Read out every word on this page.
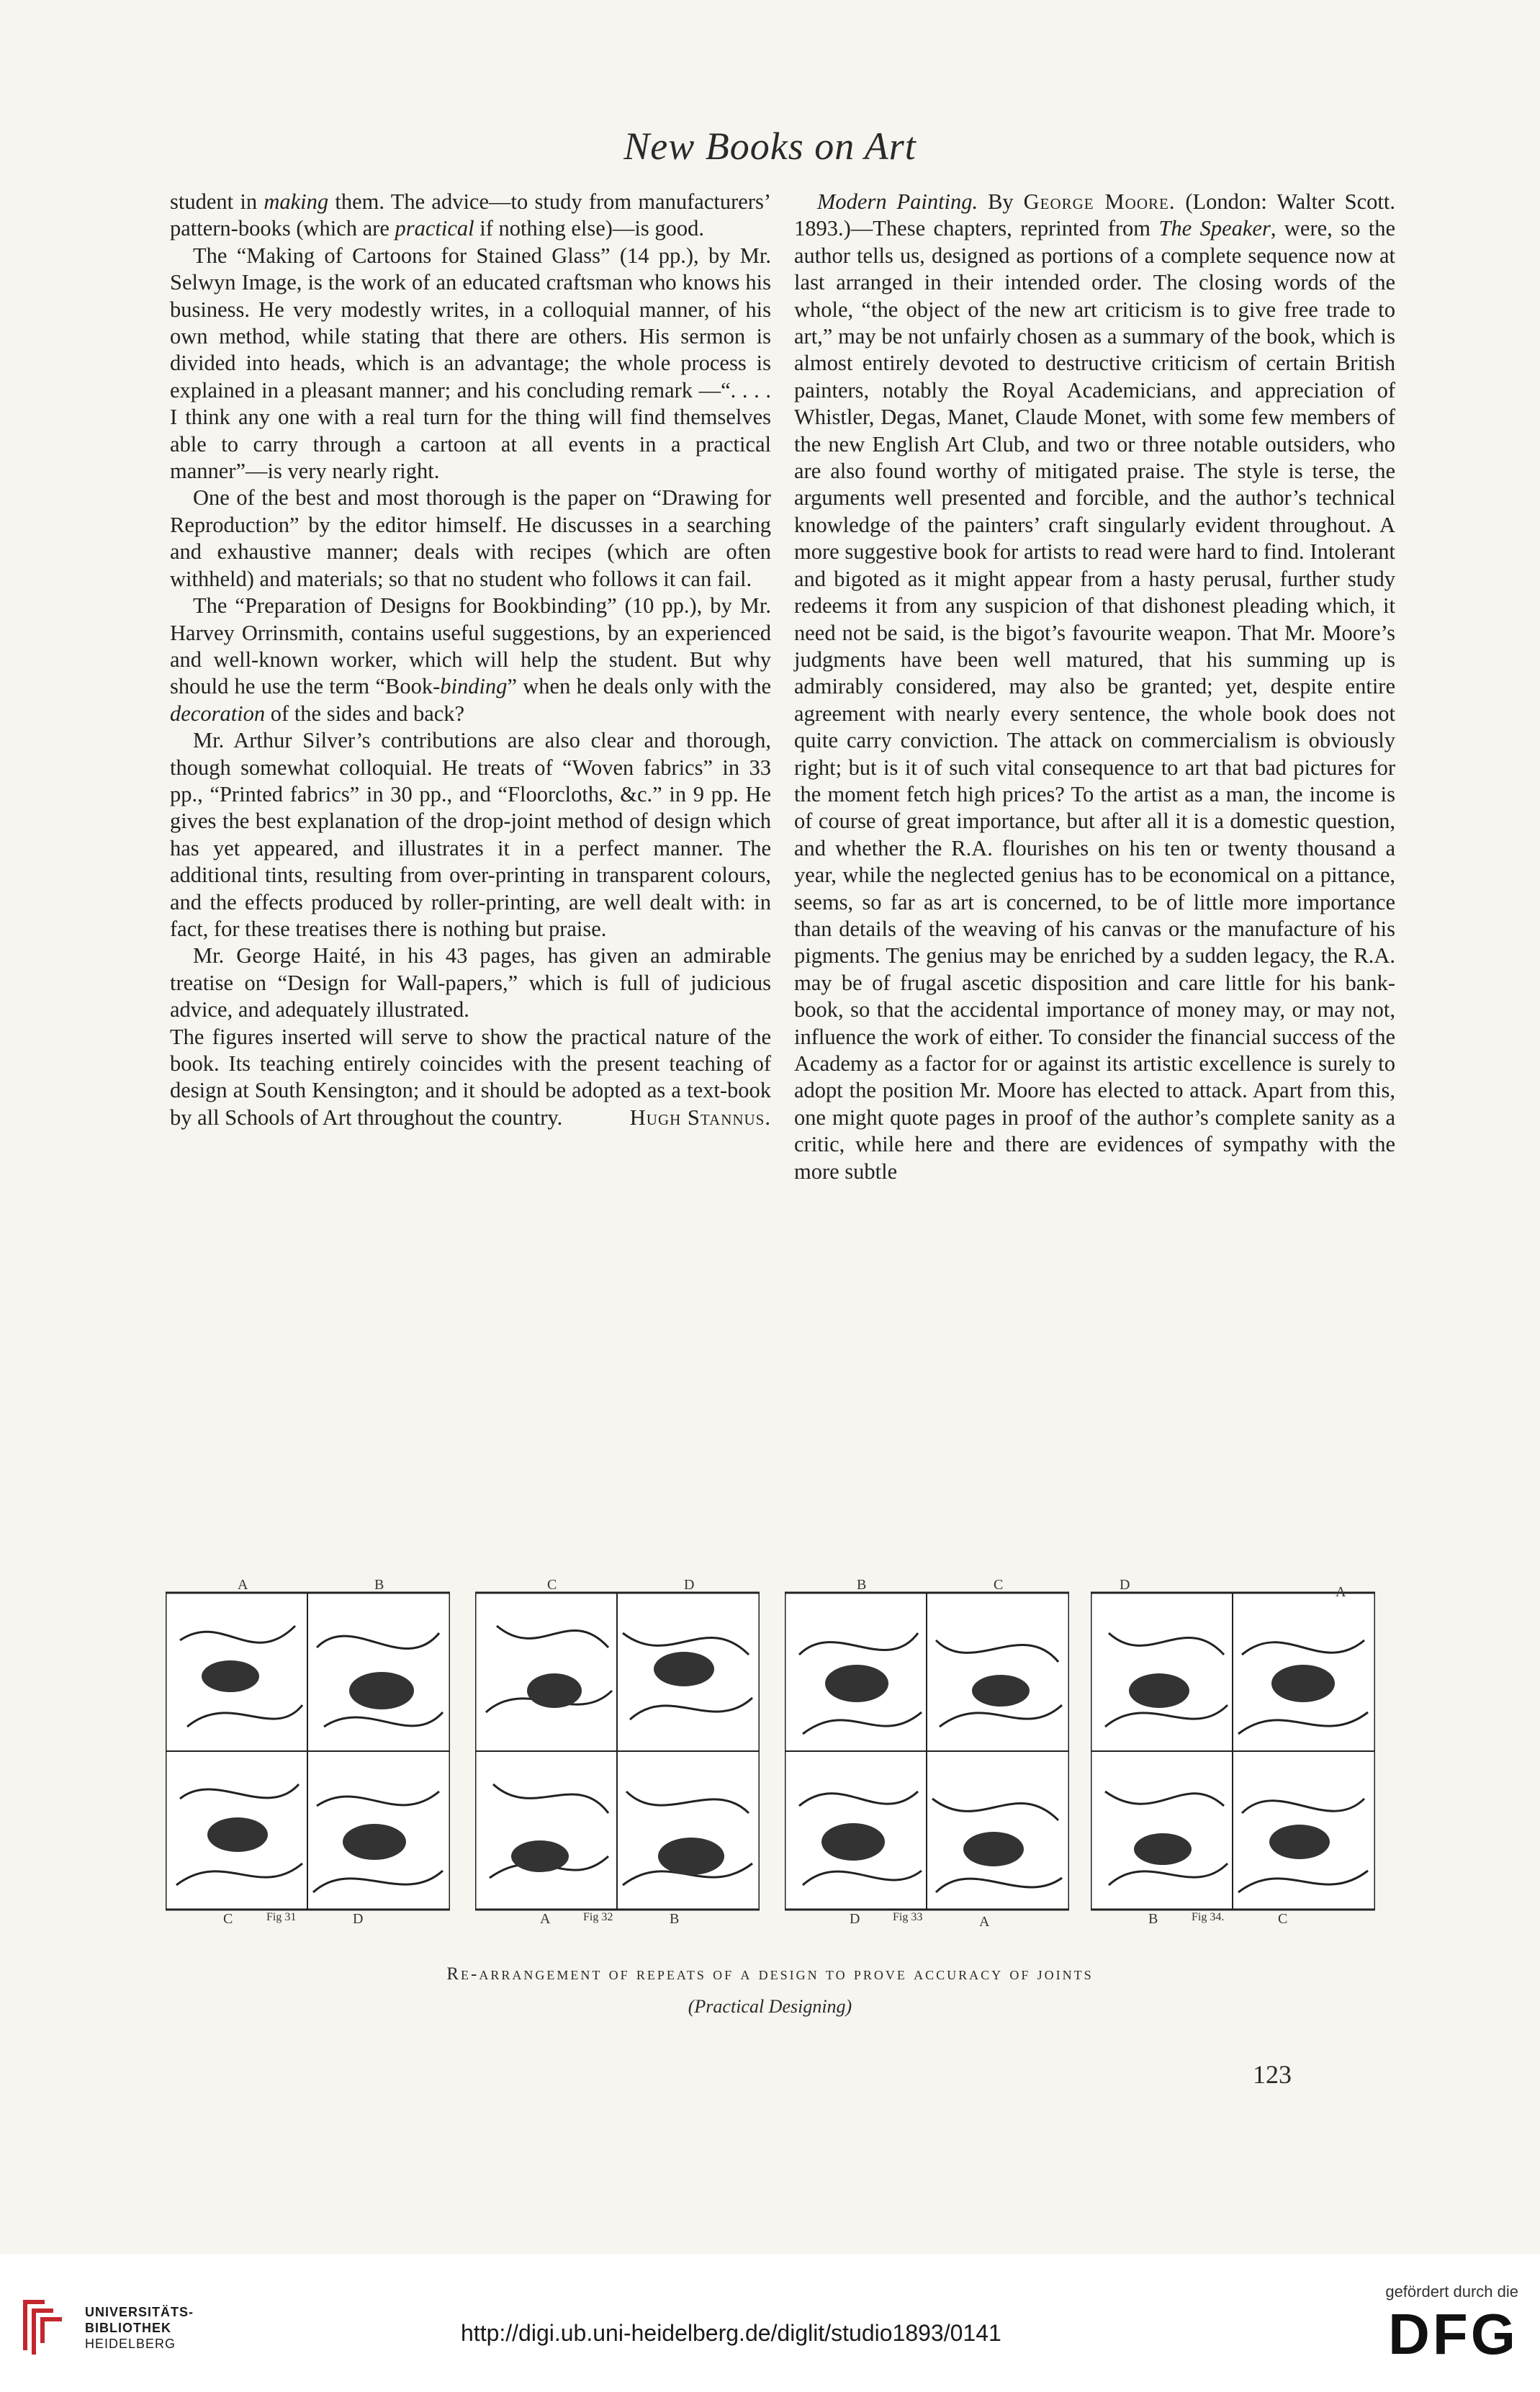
New Books on Art

student in making them. The advice—to study from manufacturers’ pattern-books (which are practical if nothing else)—is good.

The “Making of Cartoons for Stained Glass” (14 pp.), by Mr. Selwyn Image, is the work of an educated craftsman who knows his business. He very modestly writes, in a colloquial manner, of his own method, while stating that there are others. His sermon is divided into heads, which is an advantage; the whole process is explained in a pleasant manner; and his concluding remark —“. . . . I think any one with a real turn for the thing will find themselves able to carry through a cartoon at all events in a practical manner”—is very nearly right.

One of the best and most thorough is the paper on “Drawing for Reproduction” by the editor himself. He discusses in a searching and exhaustive manner; deals with recipes (which are often withheld) and materials; so that no student who follows it can fail.

The “Preparation of Designs for Bookbinding” (10 pp.), by Mr. Harvey Orrinsmith, contains useful suggestions, by an experienced and well-known worker, which will help the student. But why should he use the term “Book-binding” when he deals only with the decoration of the sides and back?

Mr. Arthur Silver’s contributions are also clear and thorough, though somewhat colloquial. He treats of “Woven fabrics” in 33 pp., “Printed fabrics” in 30 pp., and “Floorcloths, &c.” in 9 pp. He gives the best explanation of the drop-joint method of design which has yet appeared, and illustrates it in a perfect manner. The additional tints, resulting from over-printing in transparent colours, and the effects produced by roller-printing, are well dealt with: in fact, for these treatises there is nothing but praise.

Mr. George Haité, in his 43 pages, has given an admirable treatise on “Design for Wall-papers,” which is full of judicious advice, and adequately illustrated.

The figures inserted will serve to show the practical nature of the book. Its teaching entirely coincides with the present teaching of design at South Kensington; and it should be adopted as a text-book by all Schools of Art throughout the country.	Hugh Stannus.

Modern Painting. By George Moore. (London: Walter Scott. 1893.)—These chapters, reprinted from The Speaker, were, so the author tells us, designed as portions of a complete sequence now at last arranged in their intended order. The closing words of the whole, “the object of the new art criticism is to give free trade to art,” may be not unfairly chosen as a summary of the book, which is almost entirely devoted to destructive criticism of certain British painters, notably the Royal Academicians, and appreciation of Whistler, Degas, Manet, Claude Monet, with some few members of the new English Art Club, and two or three notable outsiders, who are also found worthy of mitigated praise. The style is terse, the arguments well presented and forcible, and the author’s technical knowledge of the painters’ craft singularly evident throughout. A more suggestive book for artists to read were hard to find. Intolerant and bigoted as it might appear from a hasty perusal, further study redeems it from any suspicion of that dishonest pleading which, it need not be said, is the bigot’s favourite weapon. That Mr. Moore’s judgments have been well matured, that his summing up is admirably considered, may also be granted; yet, despite entire agreement with nearly every sentence, the whole book does not quite carry conviction. The attack on commercialism is obviously right; but is it of such vital consequence to art that bad pictures for the moment fetch high prices? To the artist as a man, the income is of course of great importance, but after all it is a domestic question, and whether the R.A. flourishes on his ten or twenty thousand a year, while the neglected genius has to be economical on a pittance, seems, so far as art is concerned, to be of little more importance than details of the weaving of his canvas or the manufacture of his pigments. The genius may be enriched by a sudden legacy, the R.A. may be of frugal ascetic disposition and care little for his bank-book, so that the accidental importance of money may, or may not, influence the work of either. To consider the financial success of the Academy as a factor for or against its artistic excellence is surely to adopt the position Mr. Moore has elected to attack. Apart from this, one might quote pages in proof of the author’s complete sanity as a critic, while here and there are evidences of sympathy with the more subtle

A	B
C	Fig 31	D
C	D
A	Fig 32	B
B	C
D	Fig 33	A
D	A
B	Fig 34.	C
Re-arrangement of repeats of a design to prove accuracy of joints
(Practical Designing)
123
UNIVERSITÄTS-
BIBLIOTHEK
HEIDELBERG	http://digi.ub.uni-heidelberg.de/diglit/studio1893/0141
gefördert durch die
DFG
